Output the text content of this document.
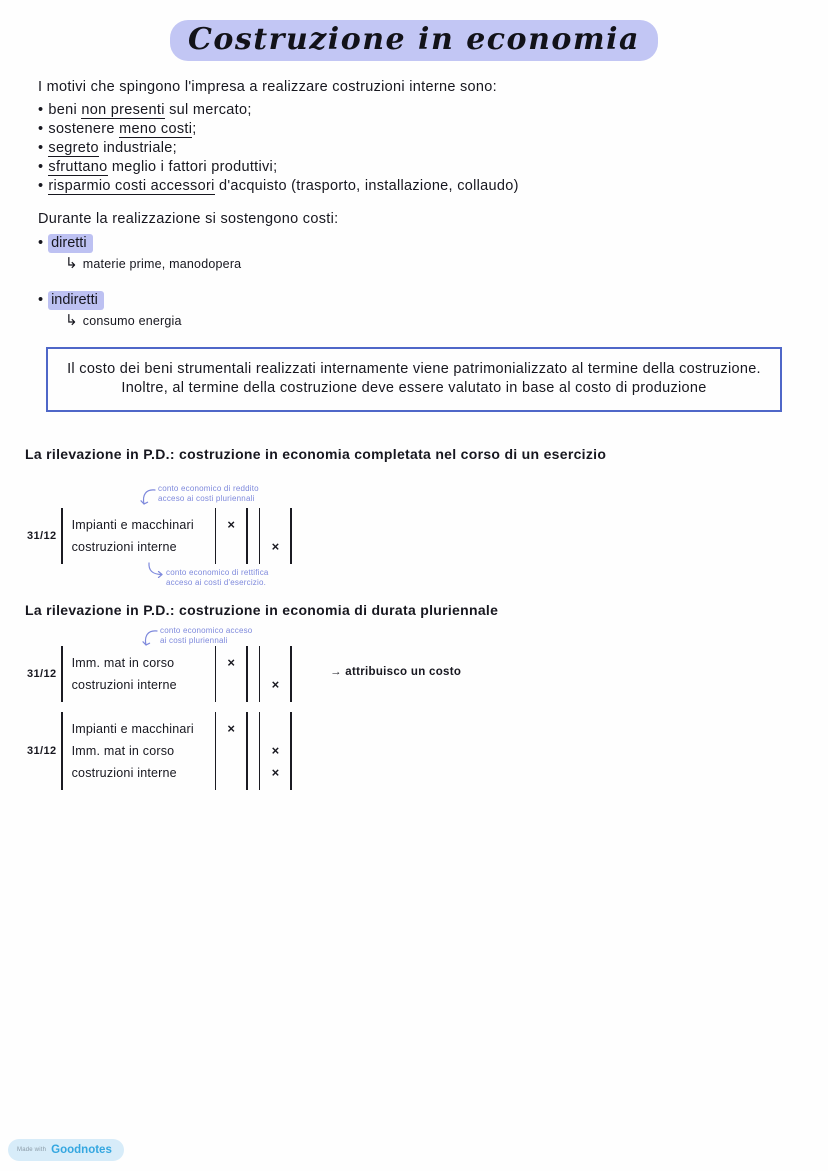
Costruzione in economia
I motivi che spingono l'impresa a realizzare costruzioni interne sono:
• beni non presenti sul mercato;
• sostenere meno costi;
• segreto industriale;
• sfruttano meglio i fattori produttivi;
• risparmio costi accessori d'acquisto (trasporto, installazione, collaudo)
Durante la realizzazione si sostengono costi:
• diretti
↳ materie prime, manodopera
• indiretti
↳ consumo energia
Il costo dei beni strumentali realizzati internamente viene patrimonializzato al termine della costruzione. Inoltre, al termine della costruzione deve essere valutato in base al costo di produzione
La rilevazione in P.D.: costruzione in economia completata nel corso di un esercizio
conto economico di reddito acceso ai costi pluriennali
31/12
Impianti e macchinari
costruzioni interne
×
×
conto economico di rettifica acceso ai costi d'esercizio.
La rilevazione in P.D.: costruzione in economia di durata pluriennale
conto economico acceso ai costi pluriennali
31/12
Imm. mat in corso
costruzioni interne
×
×
→ attribuisco un costo
31/12
Impianti e macchinari
Imm. mat in corso
costruzioni interne
×
×
×
Made with Goodnotes
